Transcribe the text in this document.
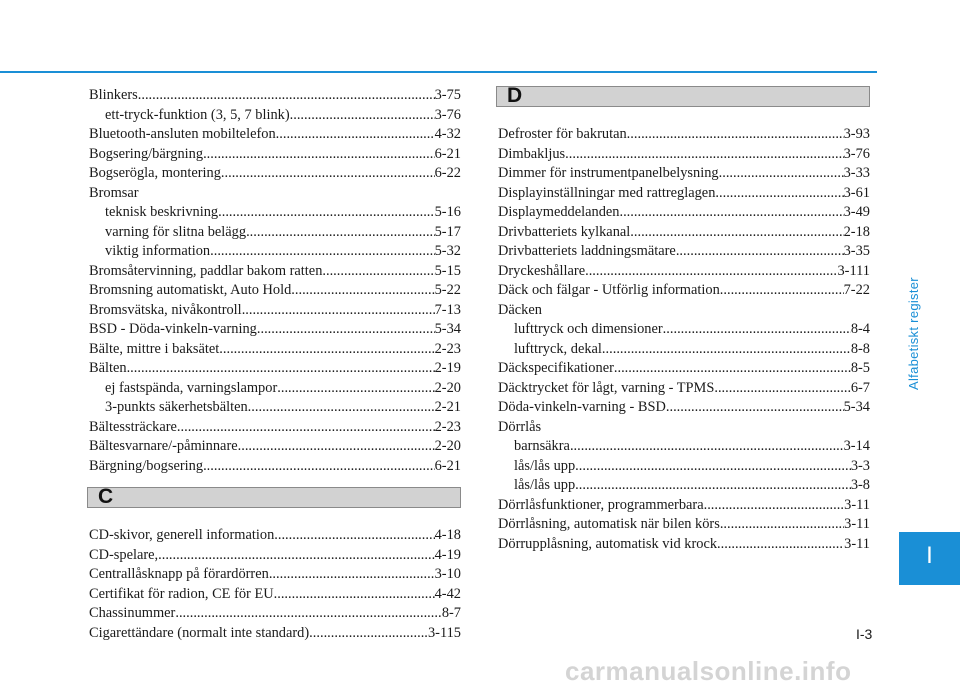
Blinkers .....	3-75
ett-tryck-funktion (3, 5, 7 blink) .....	3-76
Bluetooth-ansluten mobiltelefon .....	4-32
Bogsering/bärgning .....	6-21
Bogserögla, montering .....	6-22
Bromsar
teknisk beskrivning .....	5-16
varning för slitna belägg .....	5-17
viktig information .....	5-32
Bromsåtervinning, paddlar bakom ratten .....	5-15
Bromsning automatiskt, Auto Hold .....	5-22
Bromsvätska, nivåkontroll .....	7-13
BSD - Döda-vinkeln-varning .....	5-34
Bälte, mittre i baksätet .....	2-23
Bälten .....	2-19
ej fastspända, varningslampor .....	2-20
3-punkts säkerhetsbälten .....	2-21
Bältessträckare .....	2-23
Bältesvarnare/-påminnare .....	2-20
Bärgning/bogsering .....	6-21
C
CD-skivor, generell information .....	4-18
CD-spelare, .....	4-19
Centrallåsknapp på förardörren .....	3-10
Certifikat för radion, CE för EU .....	4-42
Chassinummer .....	8-7
Cigarettändare (normalt inte standard) .....	3-115
D
Defroster för bakrutan .....	3-93
Dimbakljus .....	3-76
Dimmer för instrumentpanelbelysning .....	3-33
Displayinställningar med rattreglagen .....	3-61
Displaymeddelanden .....	3-49
Drivbatteriets kylkanal .....	2-18
Drivbatteriets laddningsmätare .....	3-35
Dryckeshållare .....	3-111
Däck och fälgar - Utförlig information .....	7-22
Däcken
lufttryck och dimensioner .....	8-4
lufttryck, dekal .....	8-8
Däckspecifikationer .....	8-5
Däcktrycket för lågt, varning - TPMS .....	6-7
Döda-vinkeln-varning - BSD .....	5-34
Dörrlås
barnsäkra .....	3-14
lås/lås upp .....	3-3
lås/lås upp .....	3-8
Dörrlåsfunktioner, programmerbara .....	3-11
Dörrlåsning, automatisk när bilen körs .....	3-11
Dörrupplåsning, automatisk vid krock .....	3-11
Alfabetiskt register
I
I-3
carmanualsonline.info
